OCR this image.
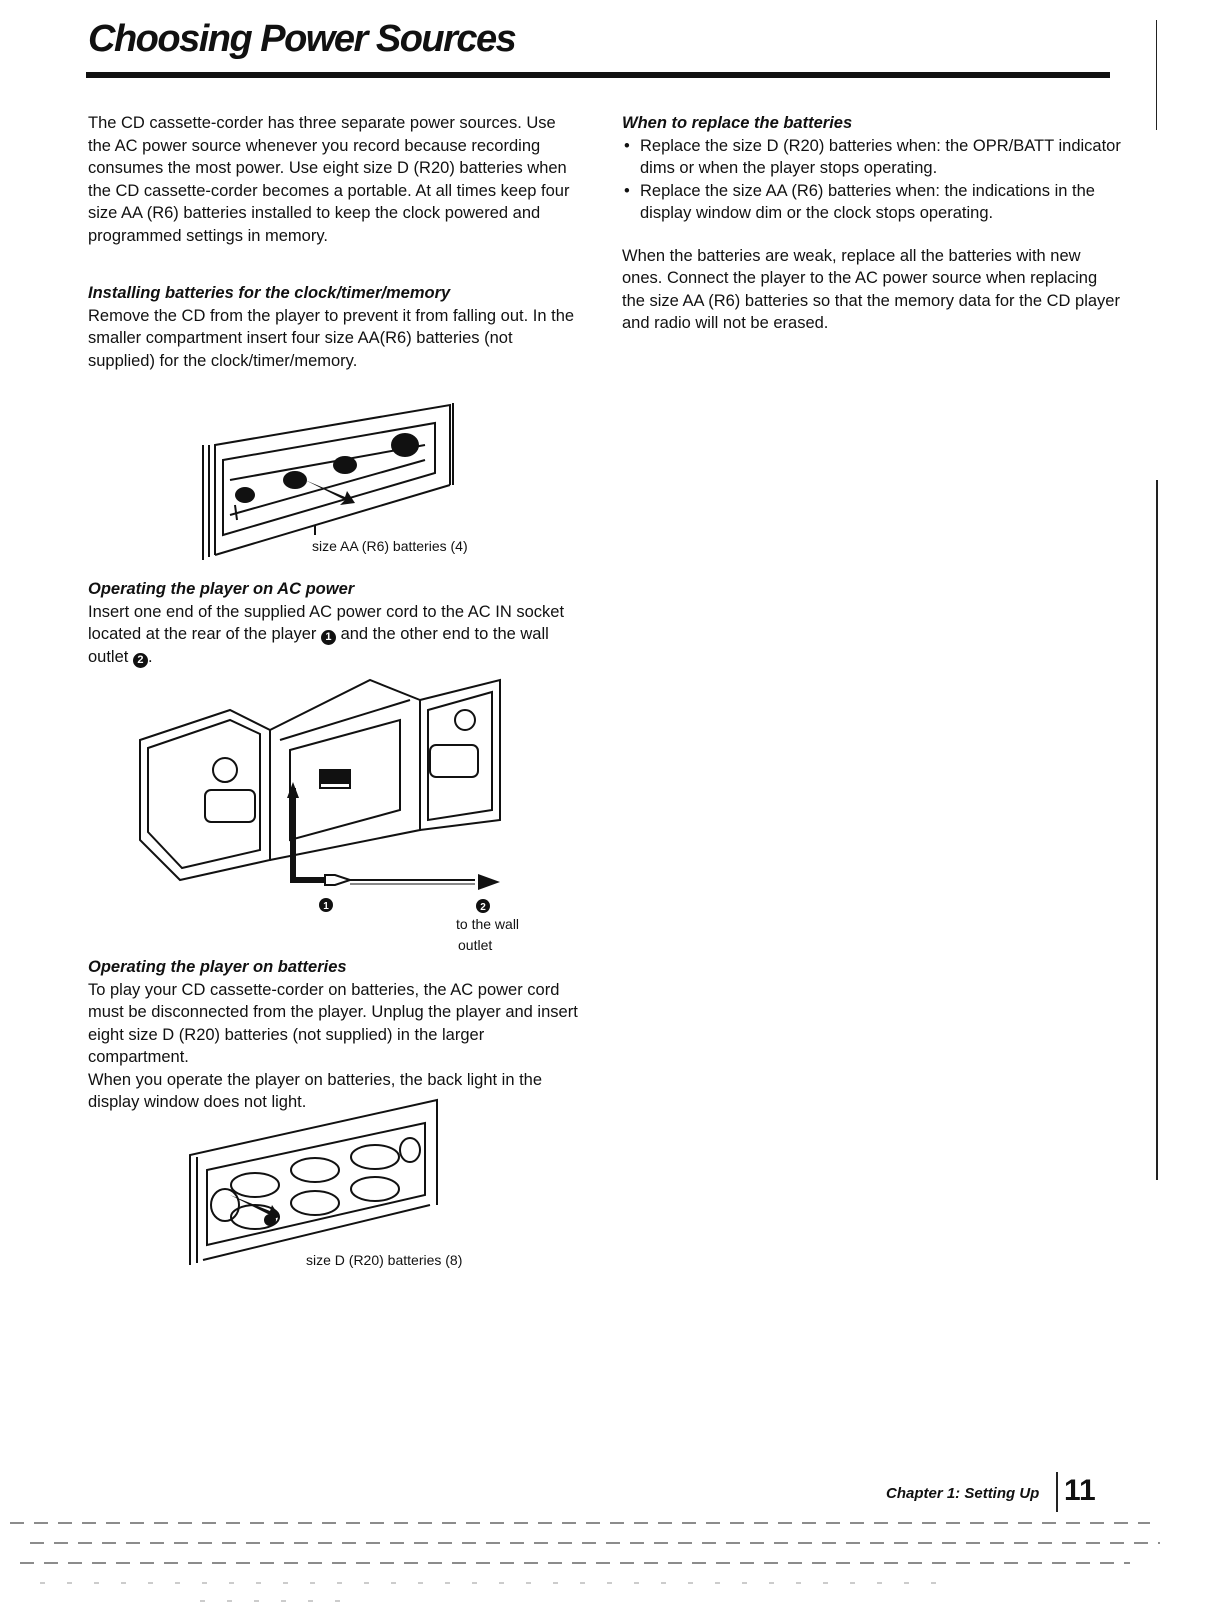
Choosing Power Sources

The CD cassette-corder has three separate power sources. Use the AC power source whenever you record because recording consumes the most power. Use eight size D (R20) batteries when the CD cassette-corder becomes a portable. At all times keep four size AA (R6) batteries installed to keep the clock powered and programmed settings in memory.

Installing batteries for the clock/timer/memory

Remove the CD from the player to prevent it from falling out. In the smaller compartment insert four size AA(R6) batteries (not supplied) for the clock/timer/memory.

size AA (R6) batteries (4)
Operating the player on AC power

Insert one end of the supplied AC power cord to the AC IN socket located at the rear of the player 1 and the other end to the wall outlet 2 .

1	2
to the wall
outlet
Operating the player on batteries

To play your CD cassette-corder on batteries, the AC power cord must be disconnected from the player. Unplug the player and insert eight size D (R20) batteries (not supplied) in the larger compartment.

When you operate the player on batteries, the back light in the display window does not light.

size D (R20) batteries (8)
When to replace the batteries
• Replace the size D (R20) batteries when: the OPR/BATT indicator dims or when the player stops operating.
• Replace the size AA (R6) batteries when: the indications in the display window dim or the clock stops operating.

When the batteries are weak, replace all the batteries with new ones. Connect the player to the AC power source when replacing the size AA (R6) batteries so that the memory data for the CD player and radio will not be erased.

Chapter 1: Setting Up 11
